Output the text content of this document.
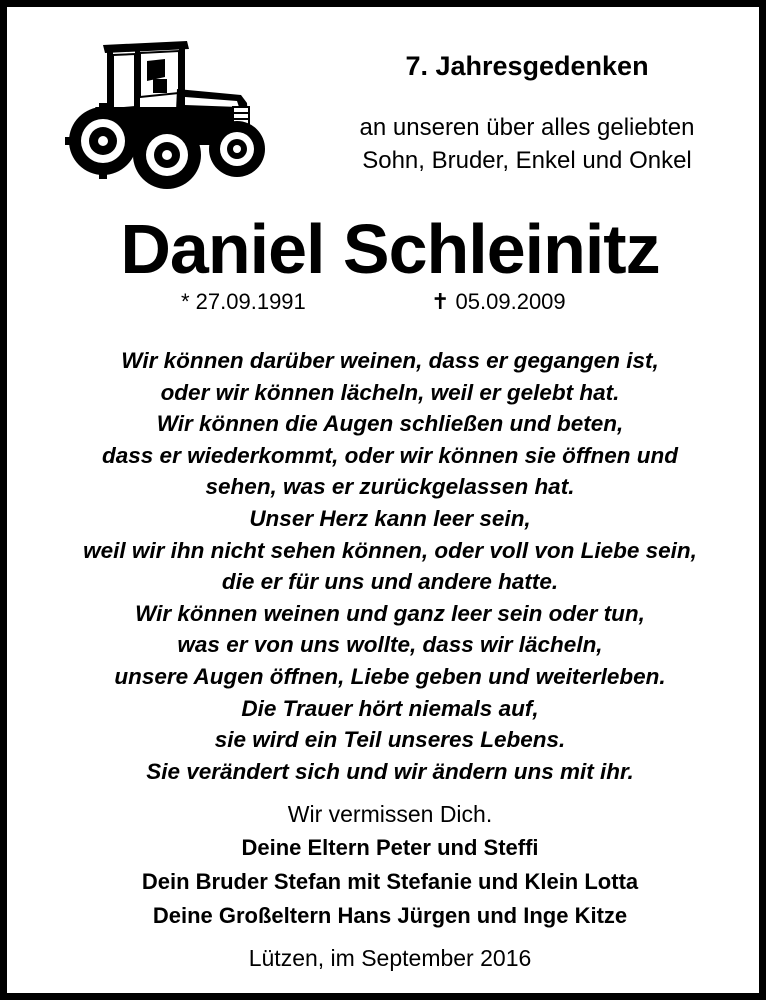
7. Jahresgedenken
an unseren über alles geliebten
Sohn, Bruder, Enkel und Onkel
Daniel Schleinitz
* 27.09.1991	✝ 05.09.2009
Wir können darüber weinen, dass er gegangen ist,
oder wir können lächeln, weil er gelebt hat.
Wir können die Augen schließen und beten,
dass er wiederkommt, oder wir können sie öffnen und
sehen, was er zurückgelassen hat.
Unser Herz kann leer sein,
weil wir ihn nicht sehen können, oder voll von Liebe sein,
die er für uns und andere hatte.
Wir können weinen und ganz leer sein oder tun,
was er von uns wollte, dass wir lächeln,
unsere Augen öffnen, Liebe geben und weiterleben.
Die Trauer hört niemals auf,
sie wird ein Teil unseres Lebens.
Sie verändert sich und wir ändern uns mit ihr.
Wir vermissen Dich.
Deine Eltern Peter und Steffi
Dein Bruder Stefan mit Stefanie und Klein Lotta
Deine Großeltern Hans Jürgen und Inge Kitze
Lützen, im September 2016
